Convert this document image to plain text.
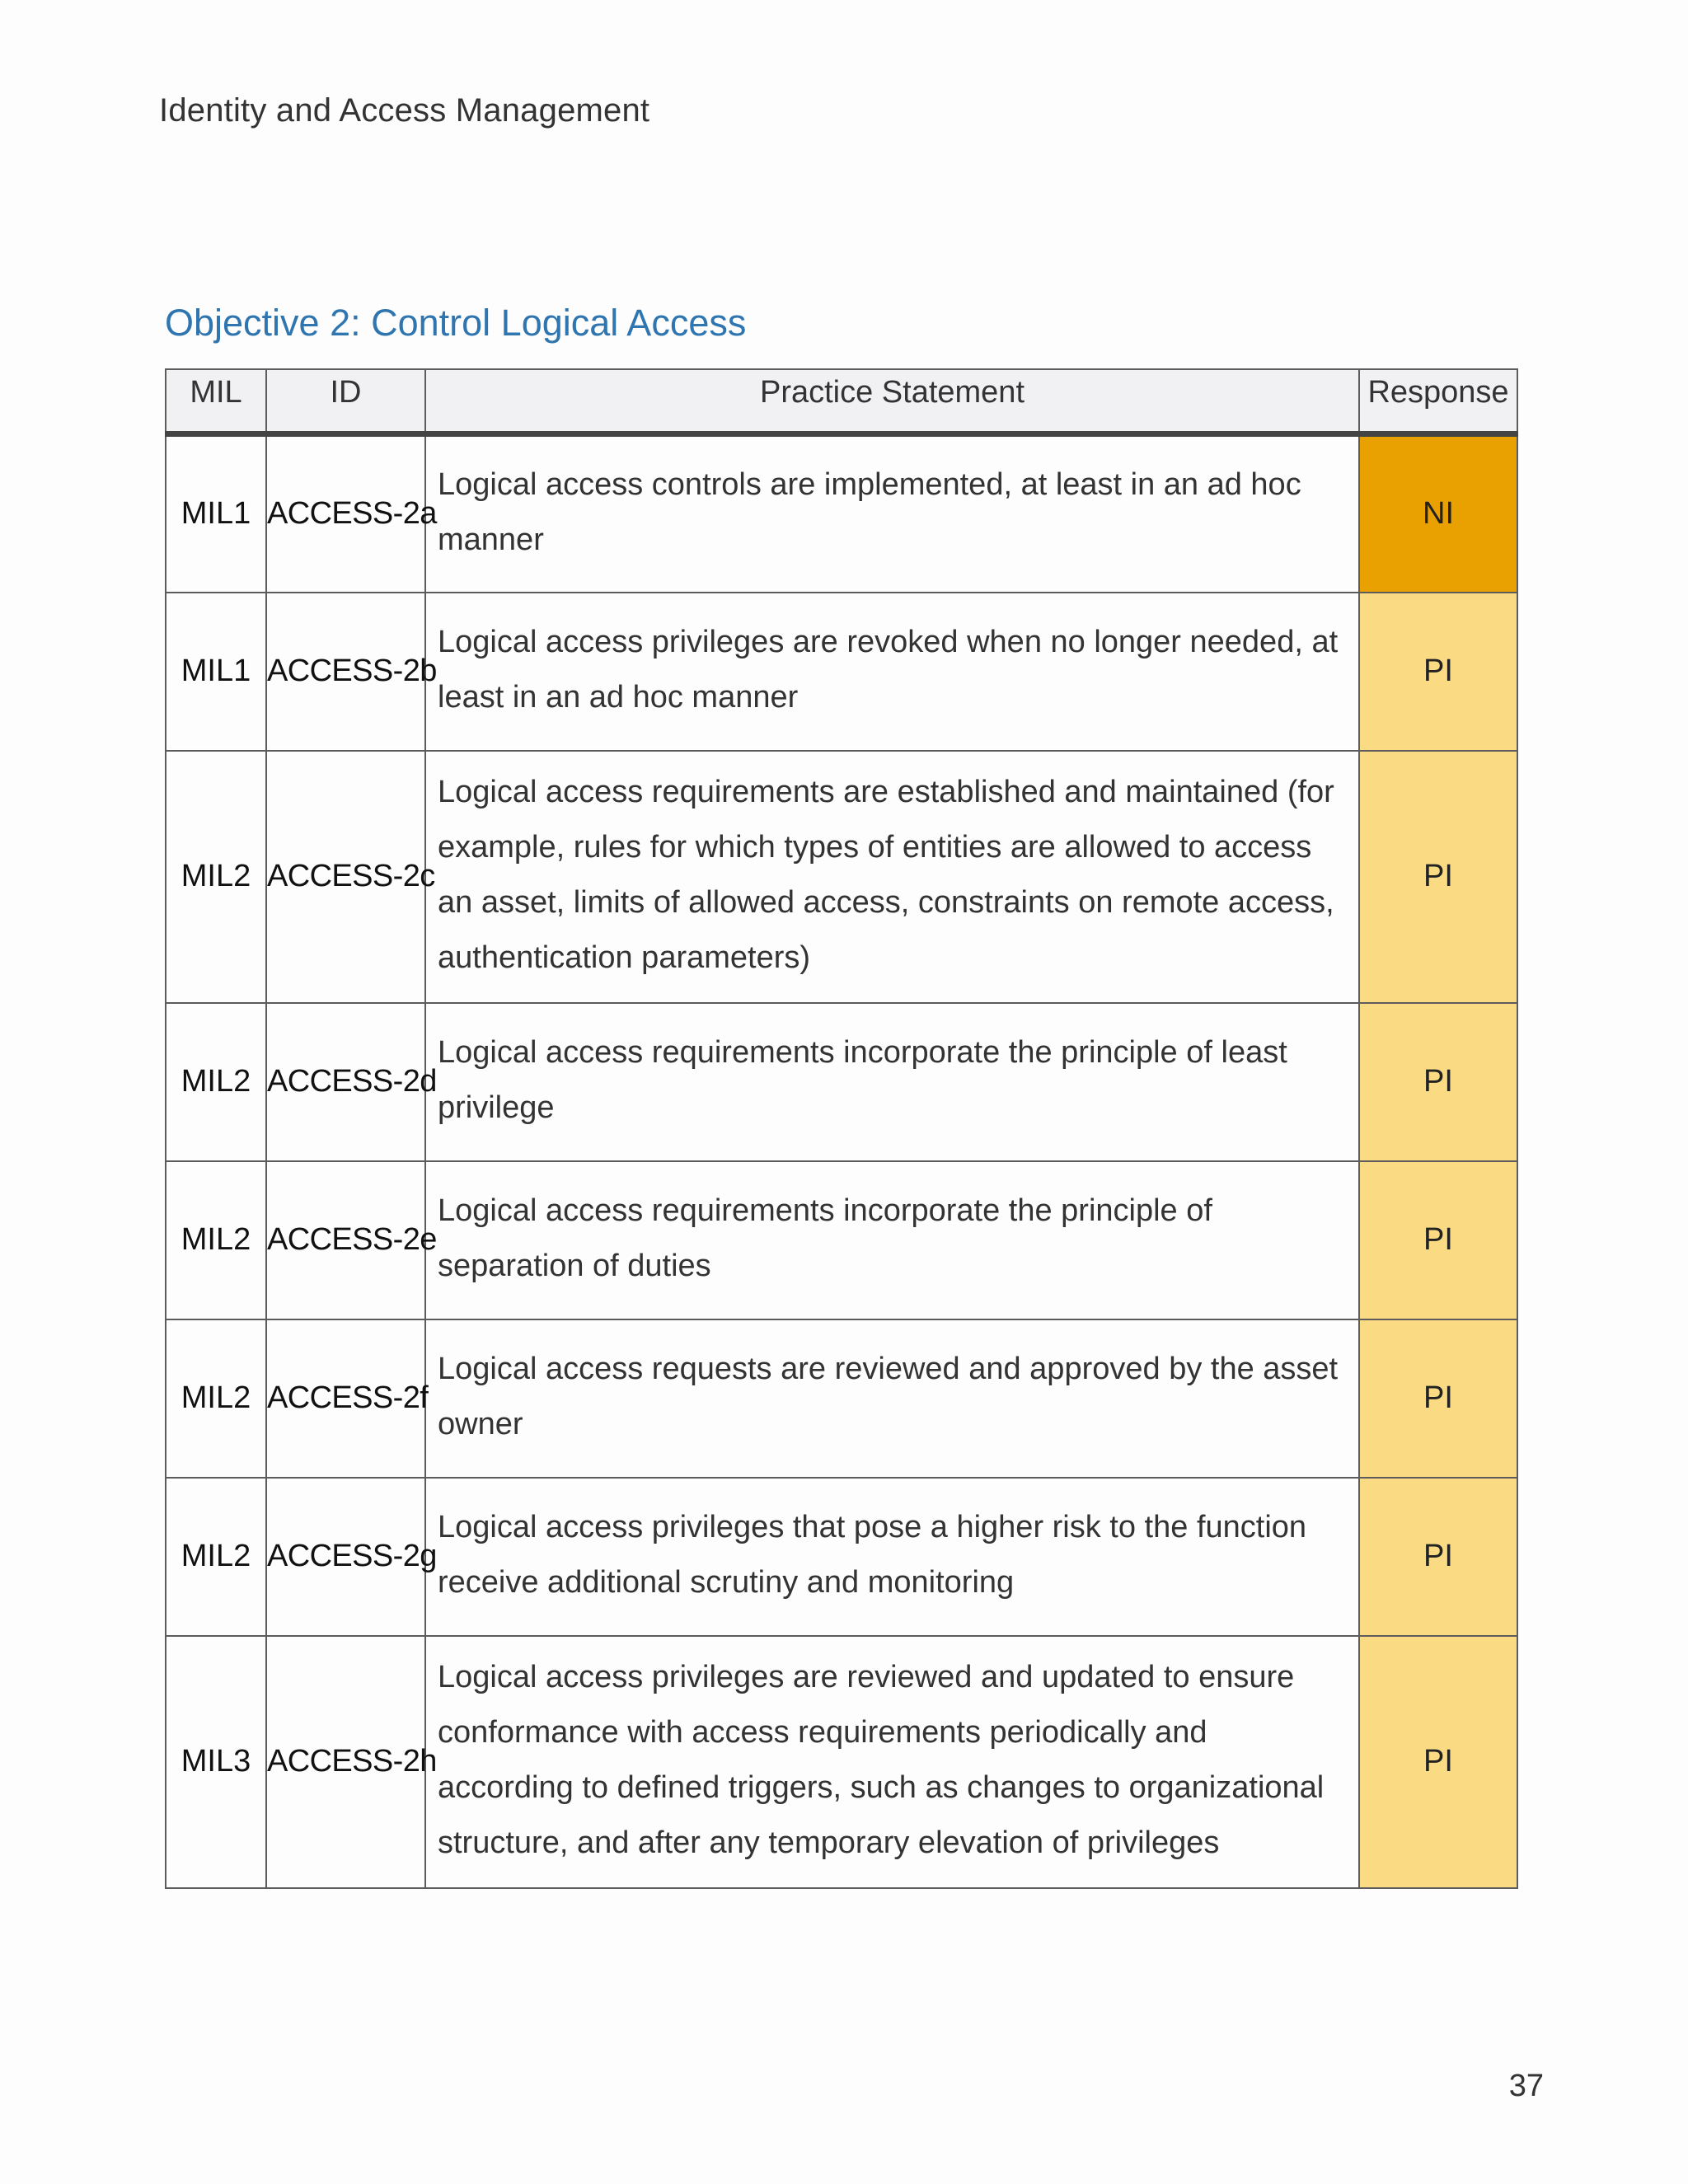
Identity and Access Management
Objective 2: Control Logical Access
MIL	ID	Practice Statement	Response
MIL1	ACCESS-2a	Logical access controls are implemented, at least in an ad hoc manner	NI
MIL1	ACCESS-2b	Logical access privileges are revoked when no longer needed, at least in an ad hoc manner	PI
MIL2	ACCESS-2c	Logical access requirements are established and maintained (for example, rules for which types of entities are allowed to access an asset, limits of allowed access, constraints on remote access, authentication parameters)	PI
MIL2	ACCESS-2d	Logical access requirements incorporate the principle of least privilege	PI
MIL2	ACCESS-2e	Logical access requirements incorporate the principle of separation of duties	PI
MIL2	ACCESS-2f	Logical access requests are reviewed and approved by the asset owner	PI
MIL2	ACCESS-2g	Logical access privileges that pose a higher risk to the function receive additional scrutiny and monitoring	PI
MIL3	ACCESS-2h	Logical access privileges are reviewed and updated to ensure conformance with access requirements periodically and according to defined triggers, such as changes to organizational structure, and after any temporary elevation of privileges	PI
37
